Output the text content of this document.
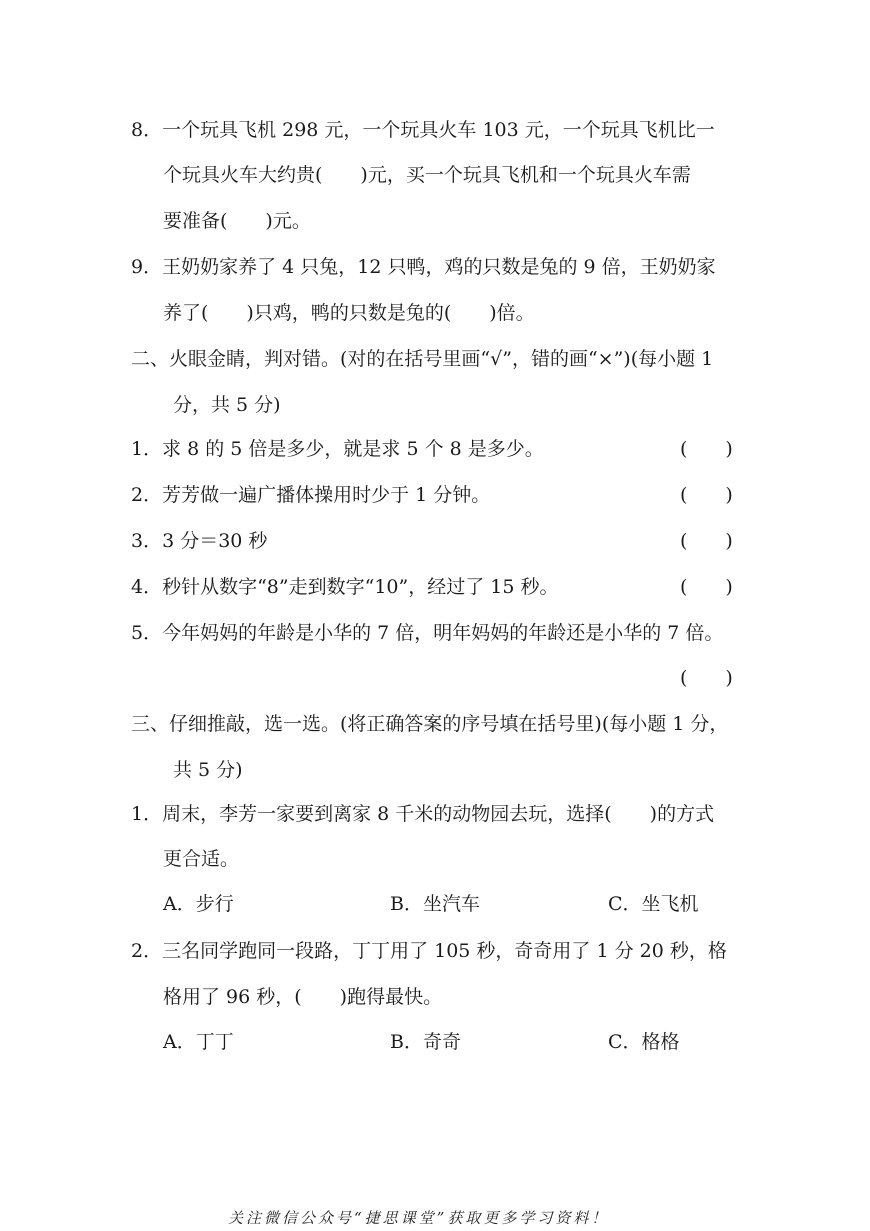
8．一个玩具飞机 298 元，一个玩具火车 103 元，一个玩具飞机比一
个玩具火车大约贵(　　)元，买一个玩具飞机和一个玩具火车需
要准备(　　)元。
9．王奶奶家养了 4 只兔，12 只鸭，鸡的只数是兔的 9 倍，王奶奶家
养了(　　)只鸡，鸭的只数是兔的(　　)倍。
二、火眼金睛，判对错。(对的在括号里画“√”，错的画“×”)(每小题 1
分，共 5 分)
1．求 8 的 5 倍是多少，就是求 5 个 8 是多少。	(　　)
2．芳芳做一遍广播体操用时少于 1 分钟。	(　　)
3．3 分＝30 秒	(　　)
4．秒针从数字“8”走到数字“10”，经过了 15 秒。	(　　)
5．今年妈妈的年龄是小华的 7 倍，明年妈妈的年龄还是小华的 7 倍。
(　　)
三、仔细推敲，选一选。(将正确答案的序号填在括号里)(每小题 1 分，
共 5 分)
1．周末，李芳一家要到离家 8 千米的动物园去玩，选择(　　)的方式
更合适。
A．步行	B．坐汽车	C．坐飞机
2．三名同学跑同一段路，丁丁用了 105 秒，奇奇用了 1 分 20 秒，格
格用了 96 秒，(　　)跑得最快。
A．丁丁	B．奇奇	C．格格
关注微信公众号“捷思课堂”获取更多学习资料！
